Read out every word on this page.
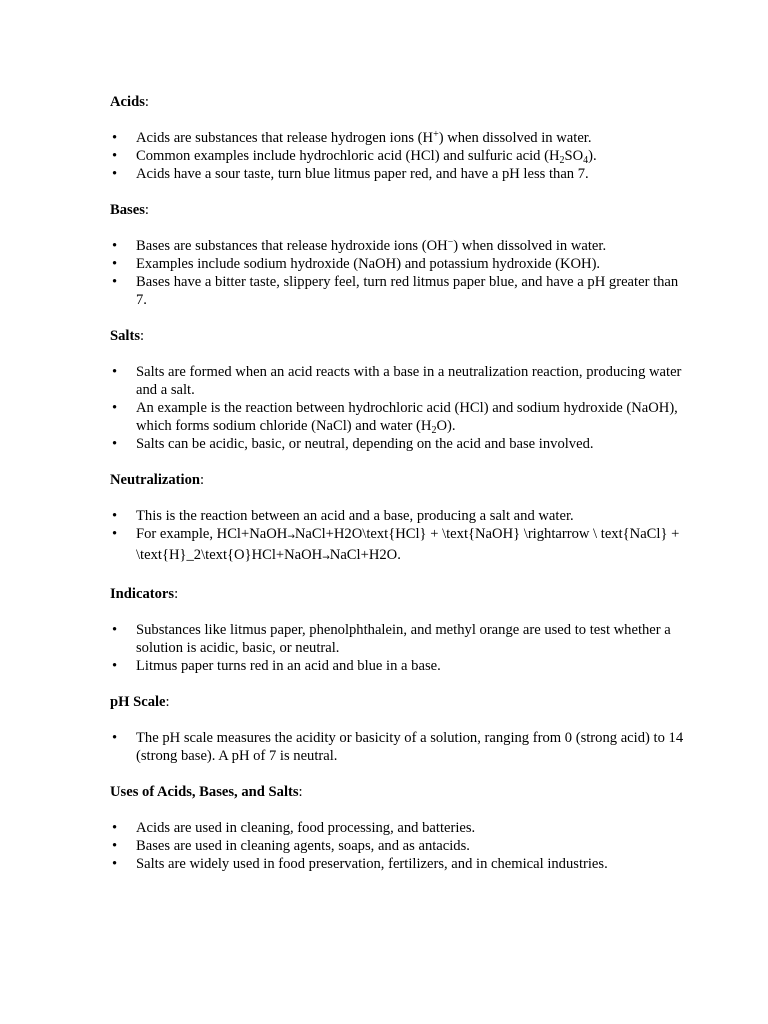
Acids:
• Acids are substances that release hydrogen ions (H+) when dissolved in water.
• Common examples include hydrochloric acid (HCl) and sulfuric acid $(H_2SO_4)$.
• Acids have a sour taste, turn blue litmus paper red, and have a pH less than 7.
Bases:
• Bases are substances that release hydroxide ions (OH−) when dissolved in water.
• Examples include sodium hydroxide (NaOH) and potassium hydroxide (KOH).
• Bases have a bitter taste, slippery feel, turn red litmus paper blue, and have a pH greater than 7.
Salts:
• Salts are formed when an acid reacts with a base in a neutralization reaction, producing water and a salt.
• An example is the reaction between hydrochloric acid (HCl) and sodium hydroxide (NaOH), which forms sodium chloride (NaCl) and water $(H_2O)$.
• Salts can be acidic, basic, or neutral, depending on the acid and base involved.
Neutralization:
• This is the reaction between an acid and a base, producing a salt and water.
• For example, HCl+NaOH→NaCl+H2O\text{HCl} + \text{NaOH} \rightarrow \ text{NaCl} + \text{H}_2\text{O}HCl+NaOH→NaCl+H2O.
Indicators:
• Substances like litmus paper, phenolphthalein, and methyl orange are used to test whether a solution is acidic, basic, or neutral.
• Litmus paper turns red in an acid and blue in a base.
pH Scale:
• The pH scale measures the acidity or basicity of a solution, ranging from 0 (strong acid) to 14 (strong base). A pH of 7 is neutral.
Uses of Acids, Bases, and Salts:
• Acids are used in cleaning, food processing, and batteries.
• Bases are used in cleaning agents, soaps, and as antacids.
• Salts are widely used in food preservation, fertilizers, and in chemical industries.
